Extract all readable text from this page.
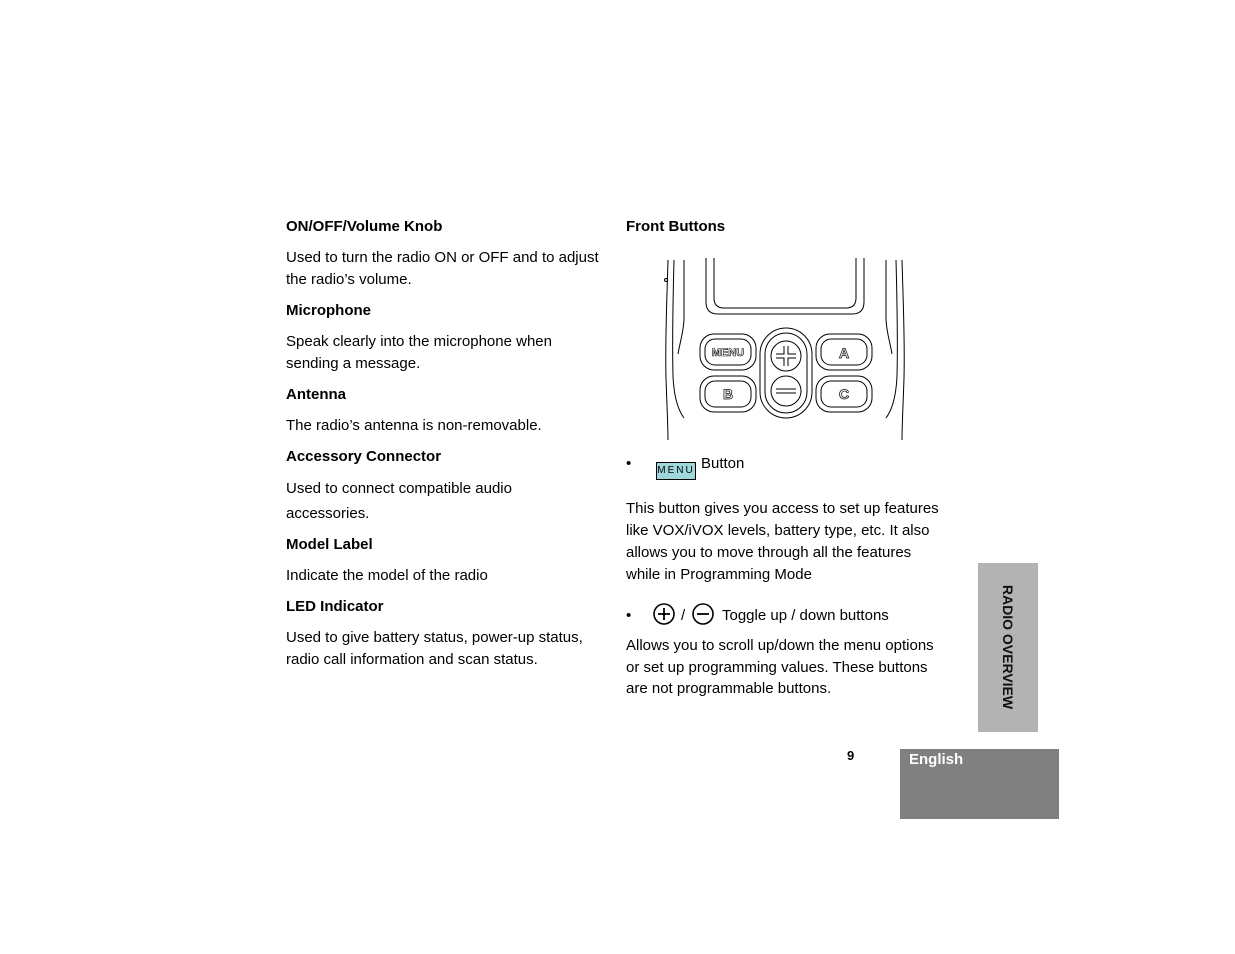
ON/OFF/Volume Knob
Used to turn the radio ON or OFF and to adjust
the radio’s volume.
Microphone
Speak clearly into the microphone when
sending a message.
Antenna
The radio’s antenna is non-removable.
Accessory Connector
Used to connect compatible audio
accessories.
Model Label
Indicate the model of the radio
LED Indicator
Used to give battery status, power-up status,
radio call information and scan status.
Front Buttons
MENU
B
A
C
•	MENU Button
This button gives you access to set up features
like VOX/iVOX levels, battery type, etc. It also
allows you to move through all the features
while in Programming Mode
•	/ Toggle up / down buttons
Allows you to scroll up/down the menu options
or set up programming values. These buttons
are not programmable buttons.	RADIO OVERVIEW
9	English
